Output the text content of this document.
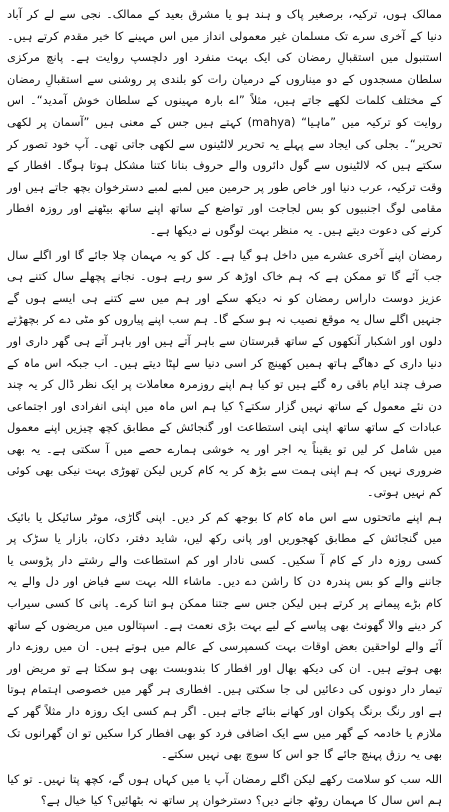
ممالک ہوں، ترکیہ، برصغیر پاک و ہند ہو یا مشرق بعید کے ممالک۔ نجی سے لے کر آباد دنیا کے آخری سرے تک مسلمان غیر معمولی انداز میں اس مہینے کا خیر مقدم کرتے ہیں۔ استنبول میں استقبالِ رمضان کی ایک بہت منفرد اور دلچسپ روایت ہے۔ پانچ مرکزی سلطان مسجدوں کے دو میناروں کے درمیان رات کو بلندی پر روشنی سے استقبالِ رمضان کے مختلف کلمات لکھے جاتے ہیں، مثلاً ”اے بارہ مہینوں کے سلطان خوش آمدید“۔ اس روایت کو ترکیہ میں ”ماہیا“ (mahya) کہتے ہیں جس کے معنی ہیں ”آسمان پر لکھی تحریر“۔ بجلی کی ایجاد سے پہلے یہ تحریر لالٹینوں سے لکھی جاتی تھی۔ آپ خود تصور کر سکتے ہیں کہ لالٹینوں سے گول دائروں والے حروف بنانا کتنا مشکل ہوتا ہوگا۔ افطار کے وقت ترکیہ، عرب دنیا اور خاص طور پر حرمین میں لمبے لمبے دسترخوان بچھ جاتے ہیں اور مقامی لوگ اجنبیوں کو بس لجاجت اور تواضع کے ساتھ اپنے ساتھ بیٹھنے اور روزہ افطار کرنے کی دعوت دیتے ہیں۔ یہ منظر بہت لوگوں نے دیکھا ہے۔

رمضان اپنے آخری عشرے میں داخل ہو گیا ہے۔ کل کو یہ مہمان چلا جائے گا اور اگلے سال جب آئے گا تو ممکن ہے کہ ہم خاک اوڑھ کر سو رہے ہوں۔ نجانے پچھلے سال کتنے ہی عزیز دوست داراس رمضان کو نہ دیکھ سکے اور ہم میں سے کتنے ہی ایسے ہوں گے جنہیں اگلے سال یہ موقع نصیب نہ ہو سکے گا۔ ہم سب اپنے پیاروں کو مٹی دے کر بچھڑتے دلوں اور اشکبار آنکھوں کے ساتھ قبرستان سے باہر آتے ہیں اور باہر آتے ہی گھر داری اور دنیا داری کے دھاگے ہاتھ ہمیں کھینچ کر اسی دنیا سے لپٹا دیتے ہیں۔ اب جبکہ اس ماہ کے صرف چند ایام باقی رہ گئے ہیں تو کیا ہم اپنے روزمرہ معاملات پر ایک نظر ڈال کر یہ چند دن نئے معمول کے ساتھ نہیں گزار سکتے؟ کیا ہم اس ماہ میں اپنی انفرادی اور اجتماعی عبادات کے ساتھ ساتھ اپنی اپنی استطاعت اور گنجائش کے مطابق کچھ چیزیں اپنے معمول میں شامل کر لیں تو یقیناً یہ اجر اور یہ خوشی ہمارے حصے میں آ سکتی ہے۔ یہ بھی ضروری نہیں کہ ہم اپنی ہمت سے بڑھ کر یہ کام کریں لیکن تھوڑی بہت نیکی بھی کوئی کم نہیں ہوتی۔

ہم اپنے ماتحتوں سے اس ماہ کام کا بوجھ کم کر دیں۔ اپنی گاڑی، موٹر سائیکل یا بائیک میں گنجائش کے مطابق کھجوریں اور پانی رکھ لیں، شاید دفتر، دکان، بازار یا سڑک پر کسی روزہ دار کے کام آ سکیں۔ کسی نادار اور کم استطاعت والے رشتے دار پڑوسی یا جاننے والے کو بس پندرہ دن کا راشن دے دیں۔ ماشاء اللہ بہت سے فیاض اور دل والے یہ کام بڑے پیمانے پر کرتے ہیں لیکن جس سے جتنا ممکن ہو اتنا کرے۔ پانی کا کسی سیراب کر دینے والا گھونٹ بھی پیاسے کے لیے بہت بڑی نعمت ہے۔ اسپتالوں میں مریضوں کے ساتھ آئے والے لواحقین بعض اوقات بہت کسمپرسی کے عالم میں ہوتے ہیں۔ ان میں روزے دار بھی ہوتے ہیں۔ ان کی دیکھ بھال اور افطار کا بندوبست بھی ہو سکتا ہے تو مریض اور تیمار دار دونوں کی دعائیں لی جا سکتی ہیں۔ افطاری ہر گھر میں خصوصی اہتمام ہوتا ہے اور رنگ برنگ پکوان اور کھانے بنائے جاتے ہیں۔ اگر ہم کسی ایک روزہ دار مثلاً گھر کے ملازم یا خادمہ کے گھر میں سے ایک اضافی فرد کو بھی افطار کرا سکیں تو ان گھرانوں تک بھی یہ رزق پہنچ جائے گا جو اس کا سوچ بھی نہیں سکتے۔

اللہ سب کو سلامت رکھے لیکن اگلے رمضان آپ یا میں کہاں ہوں گے، کچھ پتا نہیں۔ تو کیا ہم اس سال کا مہمان روٹھ جانے دیں؟ دسترخوان پر ساتھ نہ بٹھائیں؟ کیا خیال ہے؟
